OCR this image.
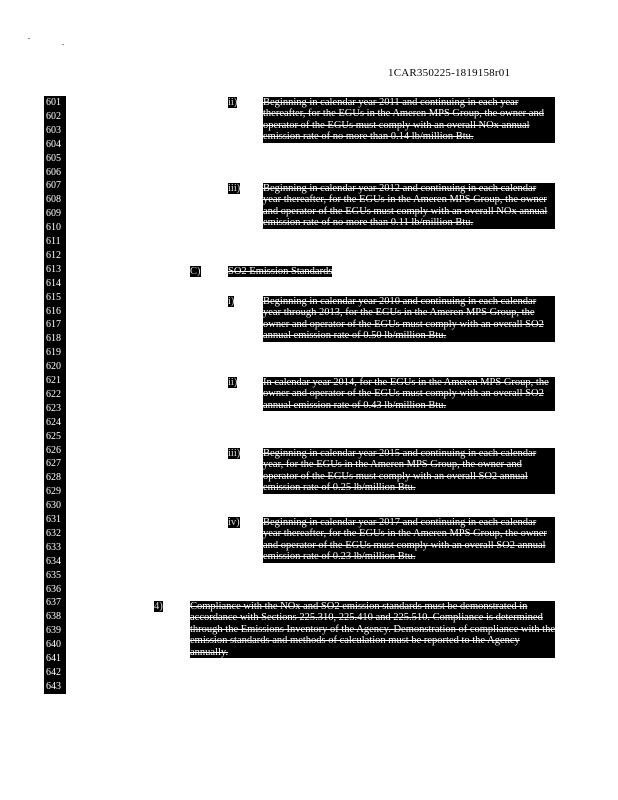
1CAR350225-1819158r01
601
602
603
604
605
606
607
608
609
610
611
612
613
614
615
616
617
618
619
620
621
622
623
624
625
626
627
628
629
630
631
632
633
634
635
636
637
638
639
640
641
642
643
ii) Beginning in calendar year 2011 and continuing in each year thereafter, for the EGUs in the Ameren MPS Group, the owner and operator of the EGUs must comply with an overall NOx annual emission rate of no more than 0.14 lb/million Btu.
iii) Beginning in calendar year 2012 and continuing in each calendar year thereafter, for the EGUs in the Ameren MPS Group, the owner and operator of the EGUs must comply with an overall NOx annual emission rate of no more than 0.11 lb/million Btu.
C)	SO2 Emission Standards
i)	Beginning in calendar year 2010 and continuing in each calendar year through 2013, for the EGUs in the Ameren MPS Group, the owner and operator of the EGUs must comply with an overall SO2 annual emission rate of 0.50 lb/million Btu.
ii) In calendar year 2014, for the EGUs in the Ameren MPS Group, the owner and operator of the EGUs must comply with an overall SO2 annual emission rate of 0.43 lb/million Btu.
iii) Beginning in calendar year 2015 and continuing in each calendar year, for the EGUs in the Ameren MPS Group, the owner and operator of the EGUs must comply with an overall SO2 annual emission rate of 0.25 lb/million Btu.
iv) Beginning in calendar year 2017 and continuing in each calendar year thereafter, for the EGUs in the Ameren MPS Group, the owner and operator of the EGUs must comply with an overall SO2 annual emission rate of 0.23 lb/million Btu.
4)	Compliance with the NOx and SO2 emission standards must be demonstrated in accordance with Sections 225.310, 225.410 and 225.510. Compliance is determined through the Emissions Inventory of the Agency. Demonstration of compliance with the emission standards and methods of calculation must be reported to the Agency annually.
